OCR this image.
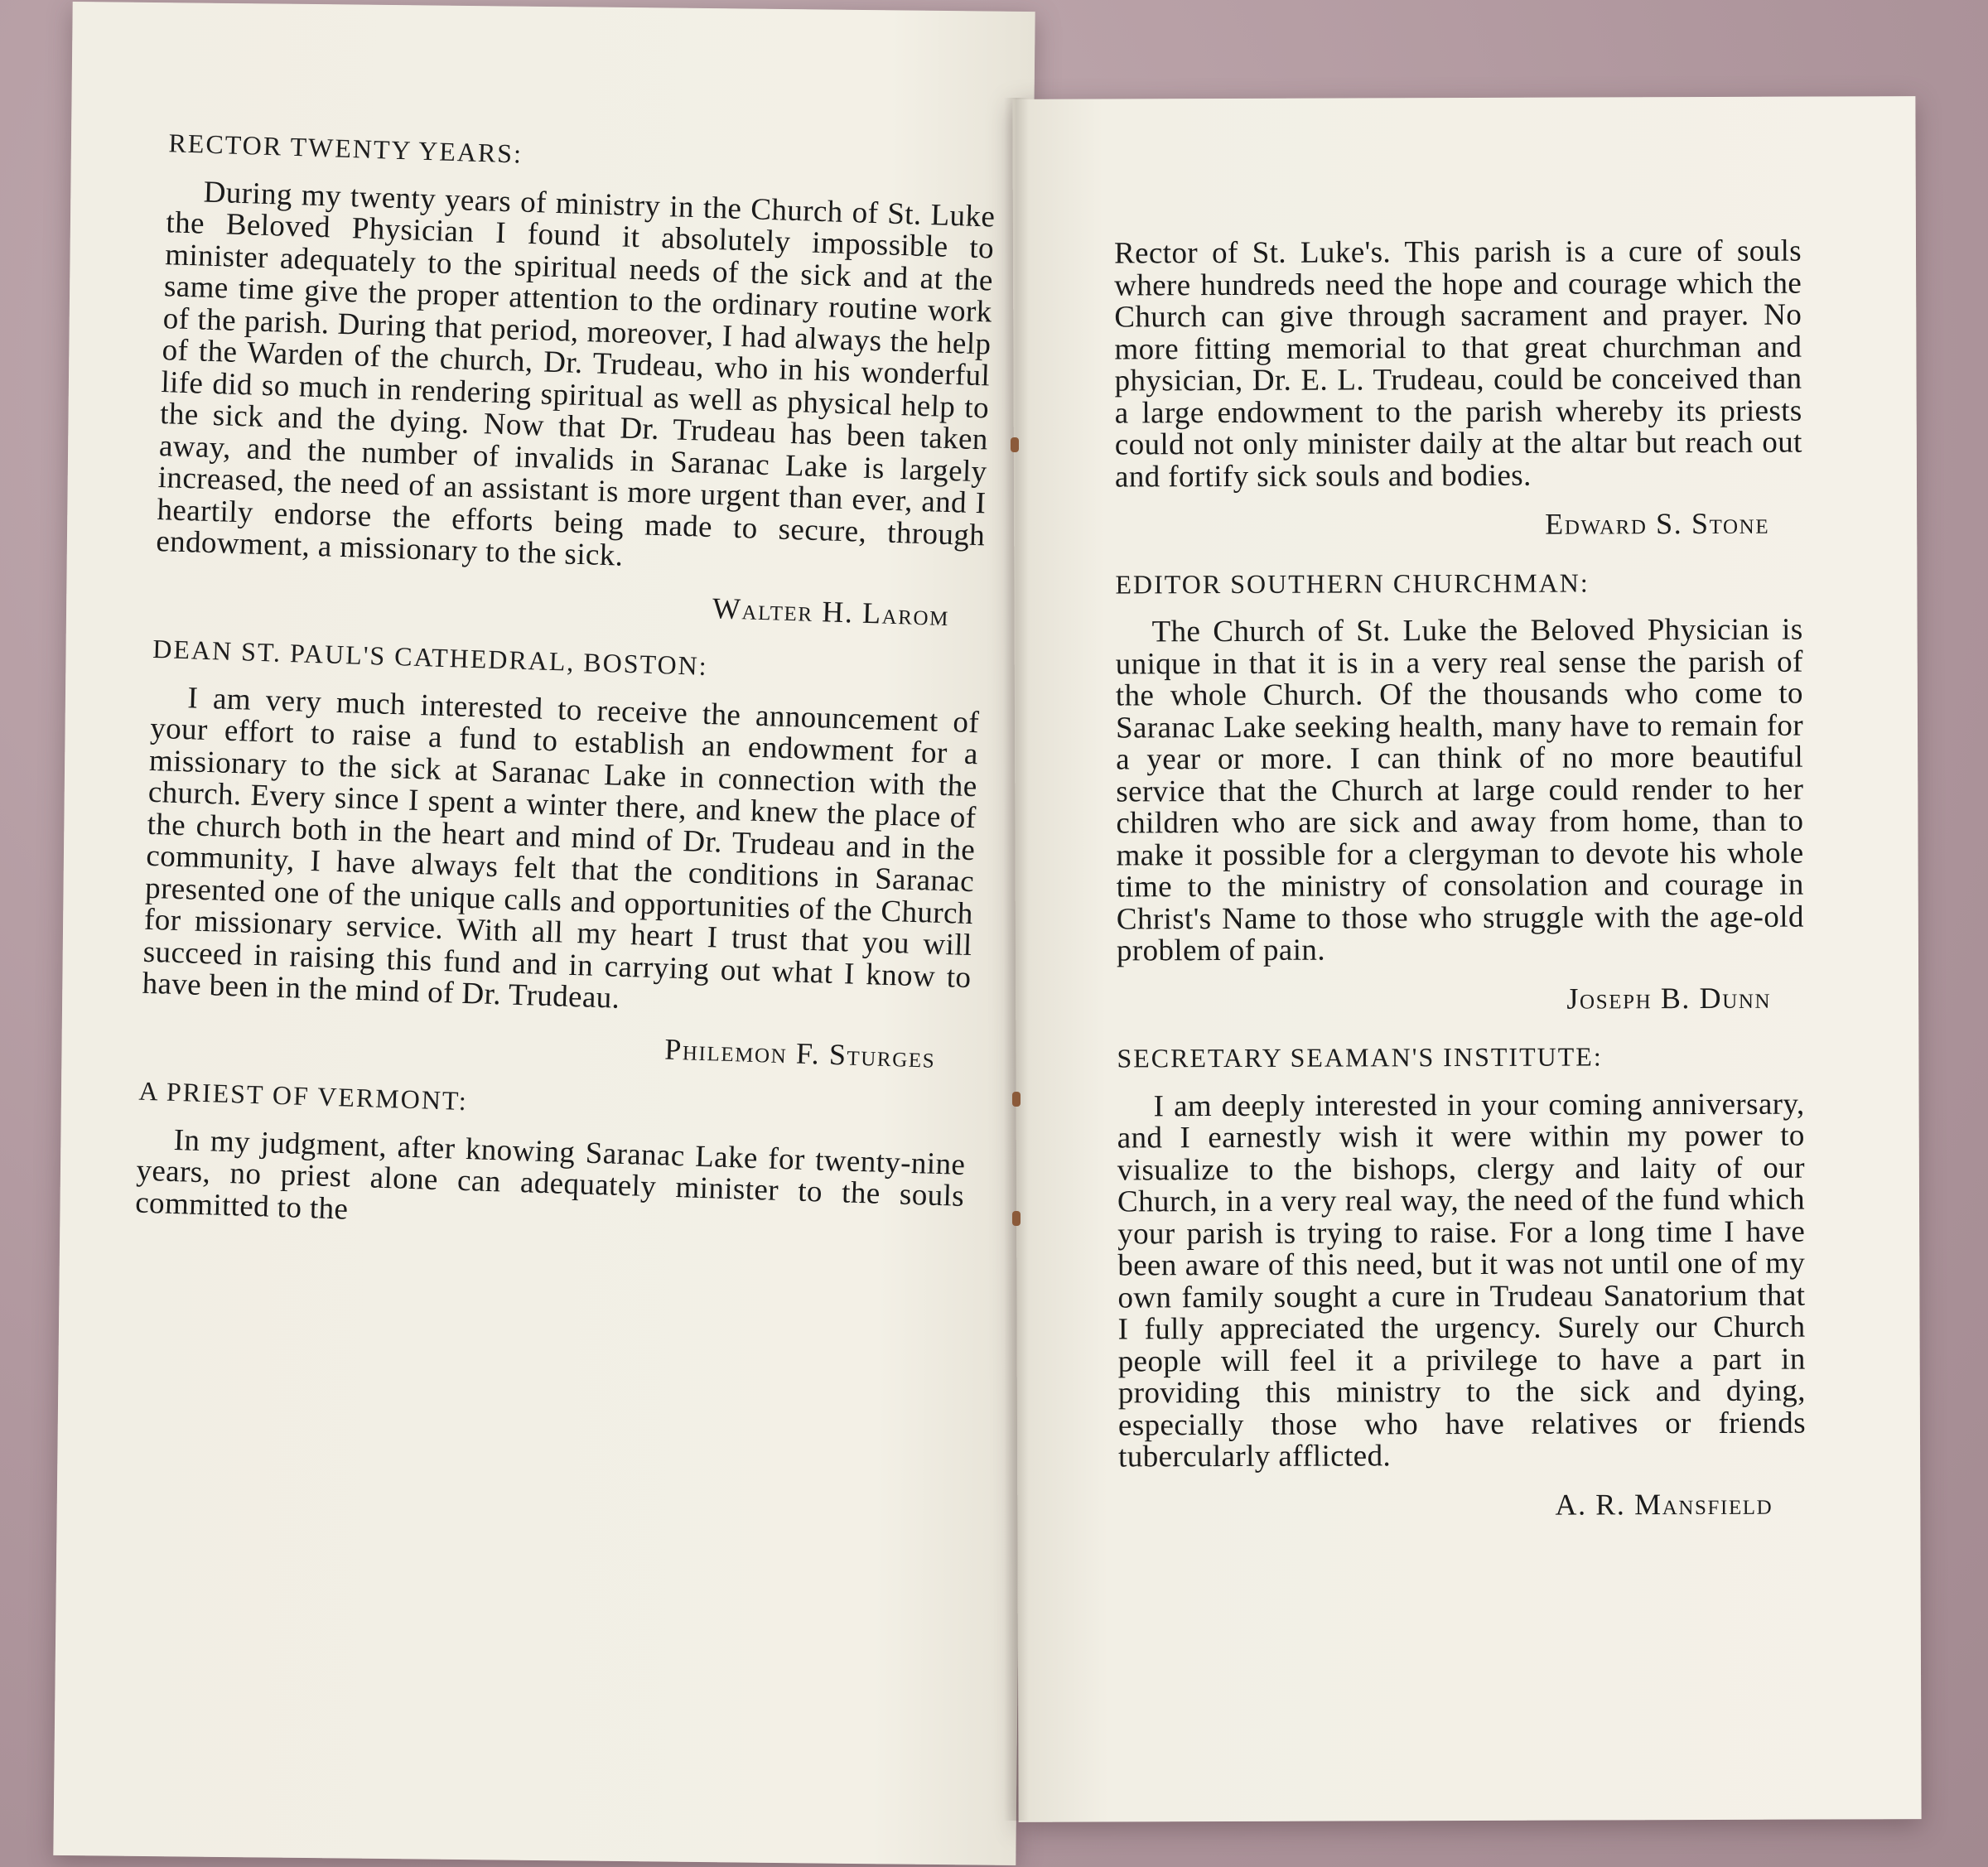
RECTOR TWENTY YEARS:

During my twenty years of ministry in the Church of St. Luke the Beloved Physician I found it absolutely impossible to minister adequately to the spiritual needs of the sick and at the same time give the proper attention to the ordinary routine work of the parish. During that period, moreover, I had always the help of the Warden of the church, Dr. Trudeau, who in his wonderful life did so much in rendering spiritual as well as physical help to the sick and the dying. Now that Dr. Trudeau has been taken away, and the number of invalids in Saranac Lake is largely increased, the need of an assistant is more urgent than ever, and I heartily endorse the efforts being made to secure, through endowment, a missionary to the sick.

Walter H. Larom
DEAN ST. PAUL'S CATHEDRAL, BOSTON:

I am very much interested to receive the announcement of your effort to raise a fund to establish an endowment for a missionary to the sick at Saranac Lake in connection with the church. Every since I spent a winter there, and knew the place of the church both in the heart and mind of Dr. Trudeau and in the community, I have always felt that the conditions in Saranac presented one of the unique calls and opportunities of the Church for missionary service. With all my heart I trust that you will succeed in raising this fund and in carrying out what I know to have been in the mind of Dr. Trudeau.

Philemon F. Sturges
A PRIEST OF VERMONT:

In my judgment, after knowing Saranac Lake for twenty-nine years, no priest alone can adequately minister to the souls committed to the

Rector of St. Luke's. This parish is a cure of souls where hundreds need the hope and courage which the Church can give through sacrament and prayer. No more fitting memorial to that great churchman and physician, Dr. E. L. Trudeau, could be conceived than a large endowment to the parish whereby its priests could not only minister daily at the altar but reach out and fortify sick souls and bodies.

Edward S. Stone
EDITOR SOUTHERN CHURCHMAN:

The Church of St. Luke the Beloved Physician is unique in that it is in a very real sense the parish of the whole Church. Of the thousands who come to Saranac Lake seeking health, many have to remain for a year or more. I can think of no more beautiful service that the Church at large could render to her children who are sick and away from home, than to make it possible for a clergyman to devote his whole time to the ministry of consolation and courage in Christ's Name to those who struggle with the age-old problem of pain.

Joseph B. Dunn
SECRETARY SEAMAN'S INSTITUTE:

I am deeply interested in your coming anniversary, and I earnestly wish it were within my power to visualize to the bishops, clergy and laity of our Church, in a very real way, the need of the fund which your parish is trying to raise. For a long time I have been aware of this need, but it was not until one of my own family sought a cure in Trudeau Sanatorium that I fully appreciated the urgency. Surely our Church people will feel it a privilege to have a part in providing this ministry to the sick and dying, especially those who have relatives or friends tubercularly afflicted.

A. R. Mansfield
